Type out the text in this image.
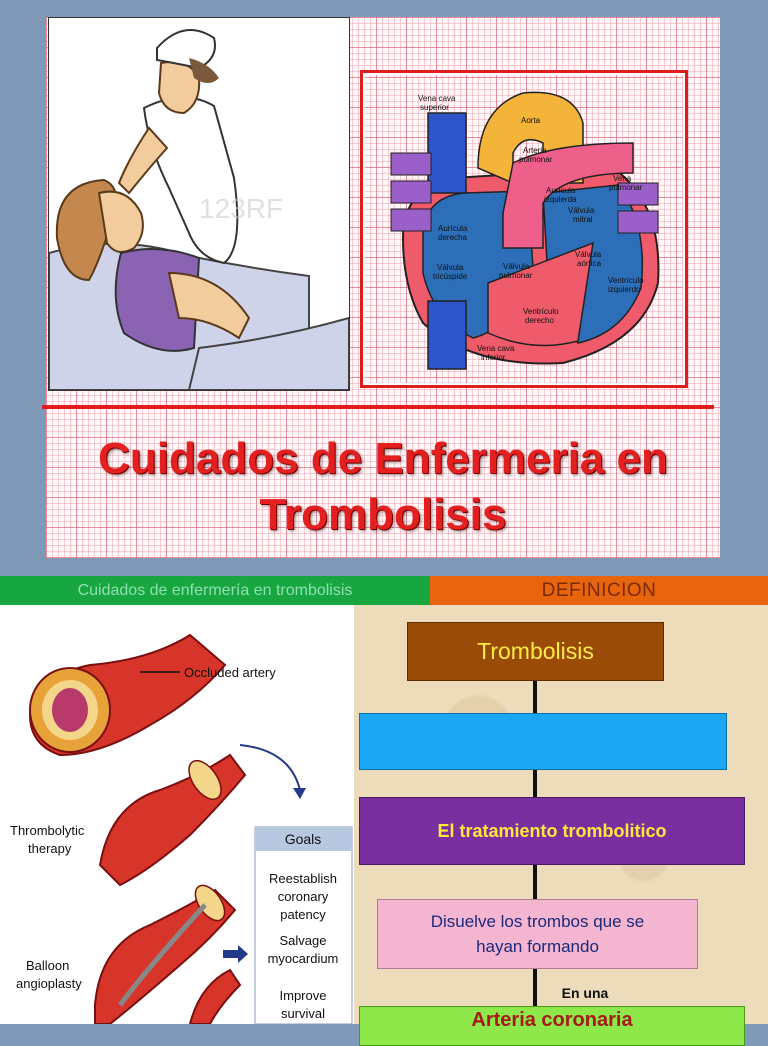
123RF
Vena cava
superior
Aorta
Arteria
pulmonar
Vena
pulmonar
Aurícula
izquierda
Válvula
mitral
Aurícula
derecha
Válvula
aórtica
Válvula
tricúspide
Válvula
pulmonar
Ventrículo
izquierdo
Ventrículo
derecho
Vena cava
inferior
Cuidados de Enfermeria en
Trombolisis
Cuidados de enfermería en trombolisis	DEFINICION
Occluded artery
Thrombolytic
therapy
Balloon
angioplasty
Goals
Reestablish
coronary
patency
Salvage
myocardium
Improve
survival
Trombolisis
El tratamiento trombolitico
Disuelve los trombos que se
hayan formando
En una
Arteria coronaria
